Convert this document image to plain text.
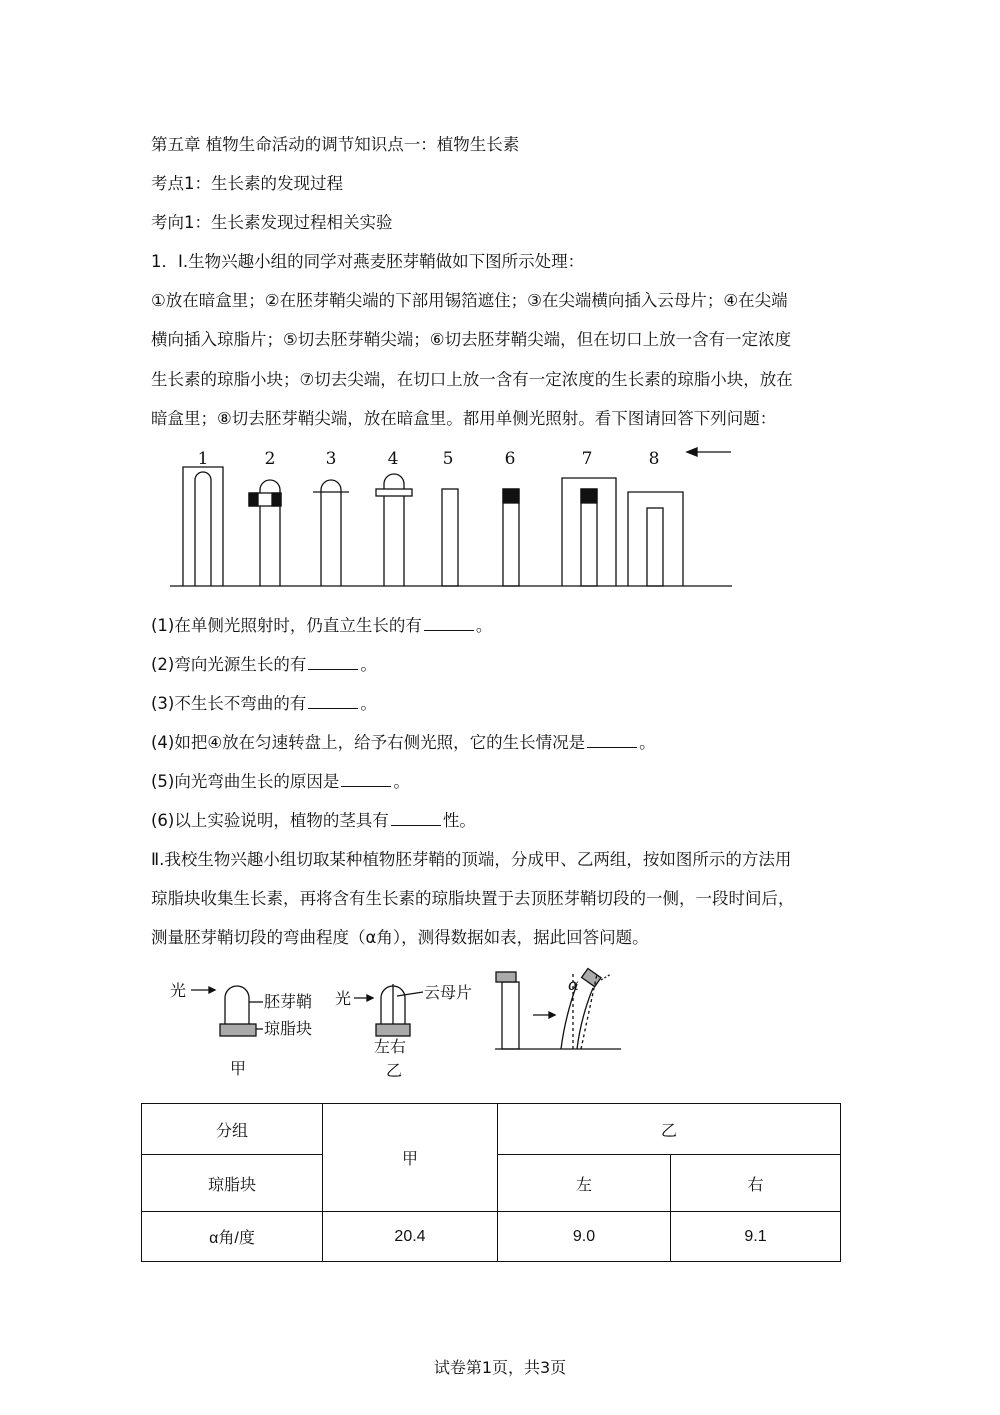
第五章 植物生命活动的调节知识点一：植物生长素
考点1：生长素的发现过程
考向1：生长素发现过程相关实验
1．Ⅰ.生物兴趣小组的同学对燕麦胚芽鞘做如下图所示处理：
①放在暗盒里；②在胚芽鞘尖端的下部用锡箔遮住；③在尖端横向插入云母片；④在尖端
横向插入琼脂片；⑤切去胚芽鞘尖端；⑥切去胚芽鞘尖端，但在切口上放一含有一定浓度
生长素的琼脂小块；⑦切去尖端，在切口上放一含有一定浓度的生长素的琼脂小块，放在
暗盒里；⑧切去胚芽鞘尖端，放在暗盒里。都用单侧光照射。看下图请回答下列问题：
1	2	3	4	5	6	7	8
(1)在单侧光照射时，仍直立生长的有	。
(2)弯向光源生长的有	。
(3)不生长不弯曲的有	。
(4)如把④放在匀速转盘上，给予右侧光照，它的生长情况是	。
(5)向光弯曲生长的原因是	。
(6)以上实验说明，植物的茎具有	性。
Ⅱ.我校生物兴趣小组切取某种植物胚芽鞘的顶端，分成甲、乙两组，按如图所示的方法用
琼脂块收集生长素，再将含有生长素的琼脂块置于去顶胚芽鞘切段的一侧，一段时间后，
测量胚芽鞘切段的弯曲程度（α角），测得数据如表，据此回答问题。
光
胚芽鞘
琼脂块
甲
光	云母片
左右
乙
α
分组	甲	乙	
琼脂块		左	右
α角/度	20.4	9.0	9.1
试卷第1页，共3页
